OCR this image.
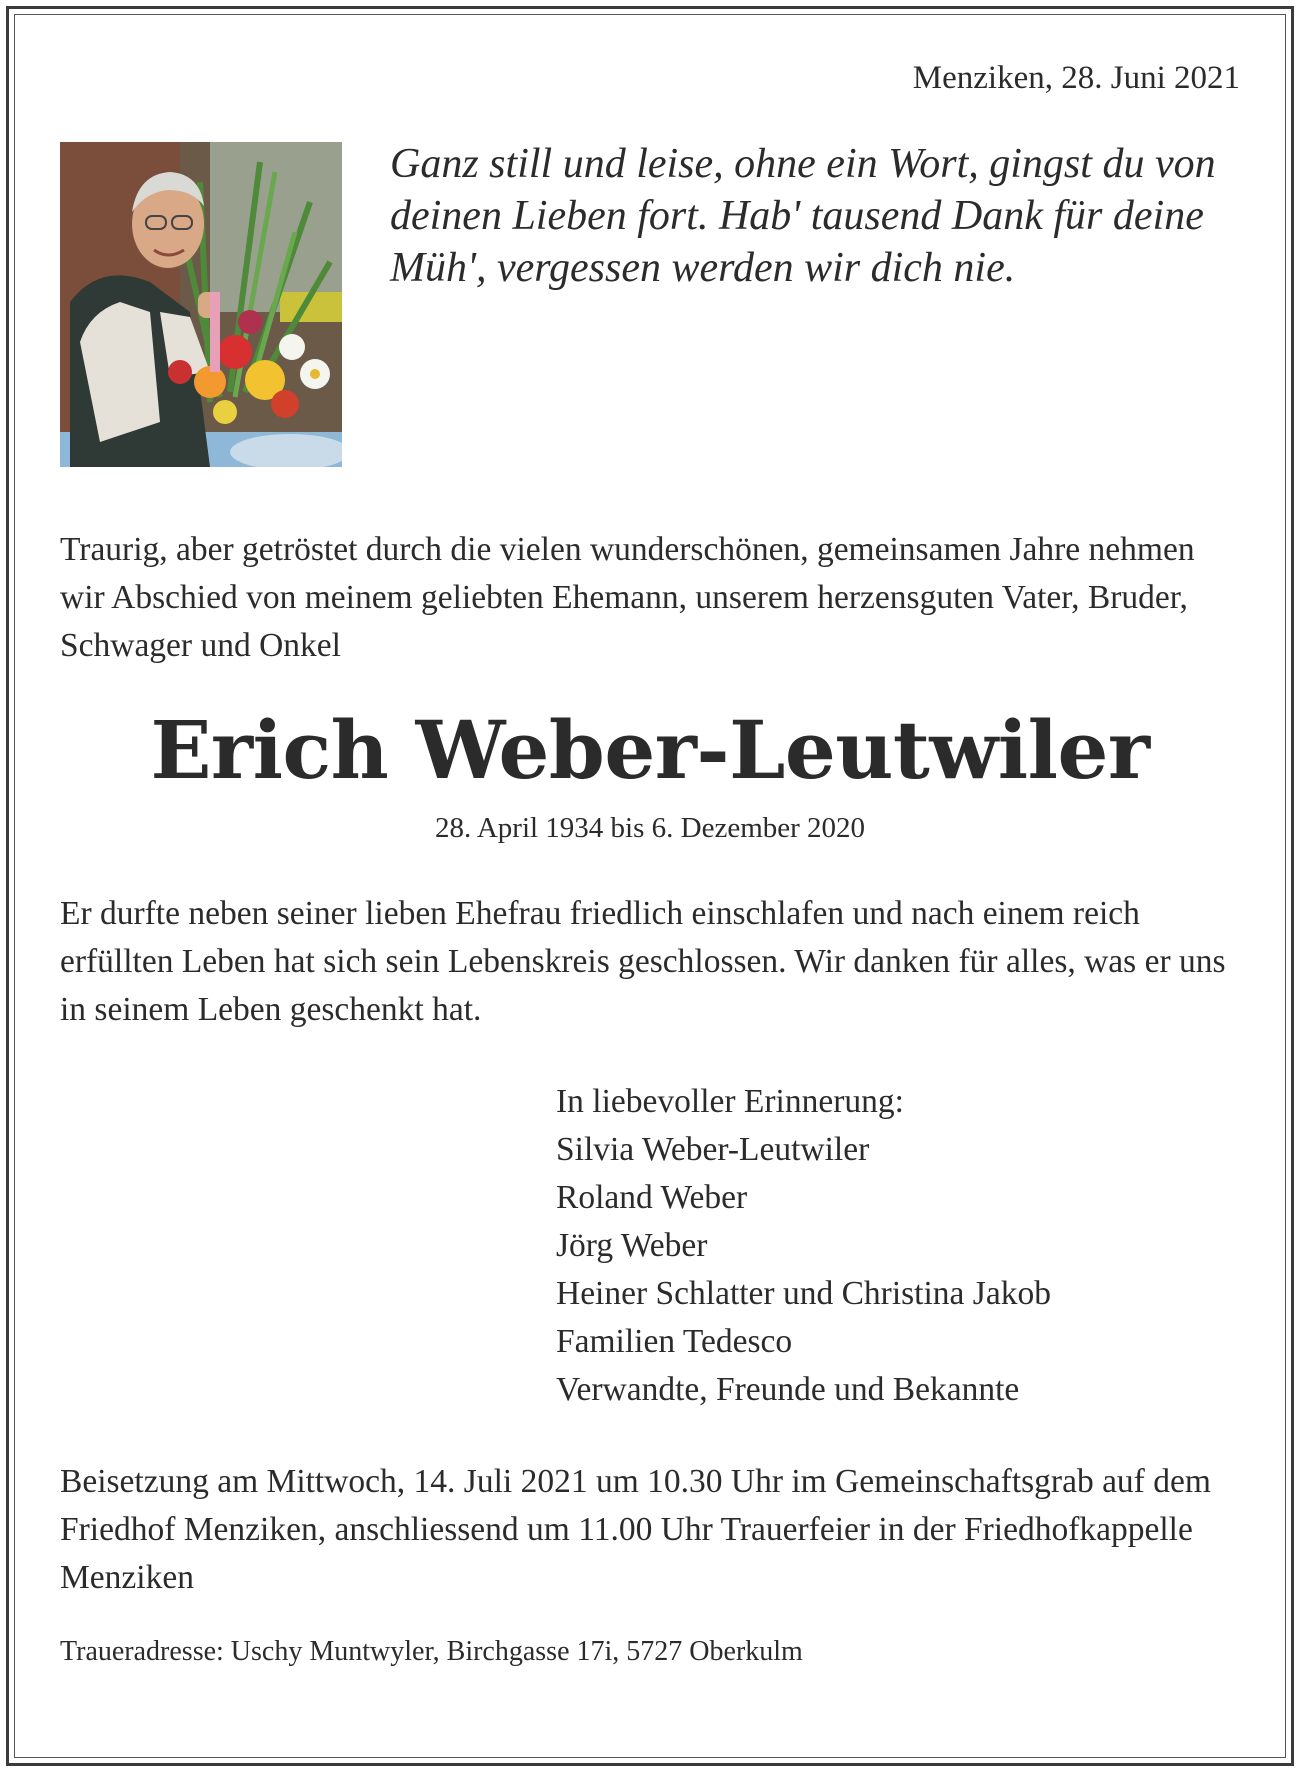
Menziken, 28. Juni 2021
Ganz still und leise, ohne ein Wort, gingst du von deinen Lieben fort. Hab' tausend Dank für deine Müh', vergessen werden wir dich nie.
Traurig, aber getröstet durch die vielen wunderschönen, gemeinsamen Jahre nehmen wir Abschied von meinem geliebten Ehemann, unserem herzensguten Vater, Bruder, Schwager und Onkel
Erich Weber-Leutwiler
28. April 1934 bis 6. Dezember 2020
Er durfte neben seiner lieben Ehefrau friedlich einschlafen und nach einem reich erfüllten Leben hat sich sein Lebenskreis geschlossen. Wir danken für alles, was er uns in seinem Leben geschenkt hat.
In liebevoller Erinnerung:
Silvia Weber-Leutwiler
Roland Weber
Jörg Weber
Heiner Schlatter und Christina Jakob
Familien Tedesco
Verwandte, Freunde und Bekannte
Beisetzung am Mittwoch, 14. Juli 2021 um 10.30 Uhr im Gemeinschaftsgrab auf dem Friedhof Menziken, anschliessend um 11.00 Uhr Trauerfeier in der Friedhofkappelle Menziken
Traueradresse: Uschy Muntwyler, Birchgasse 17i, 5727 Oberkulm
